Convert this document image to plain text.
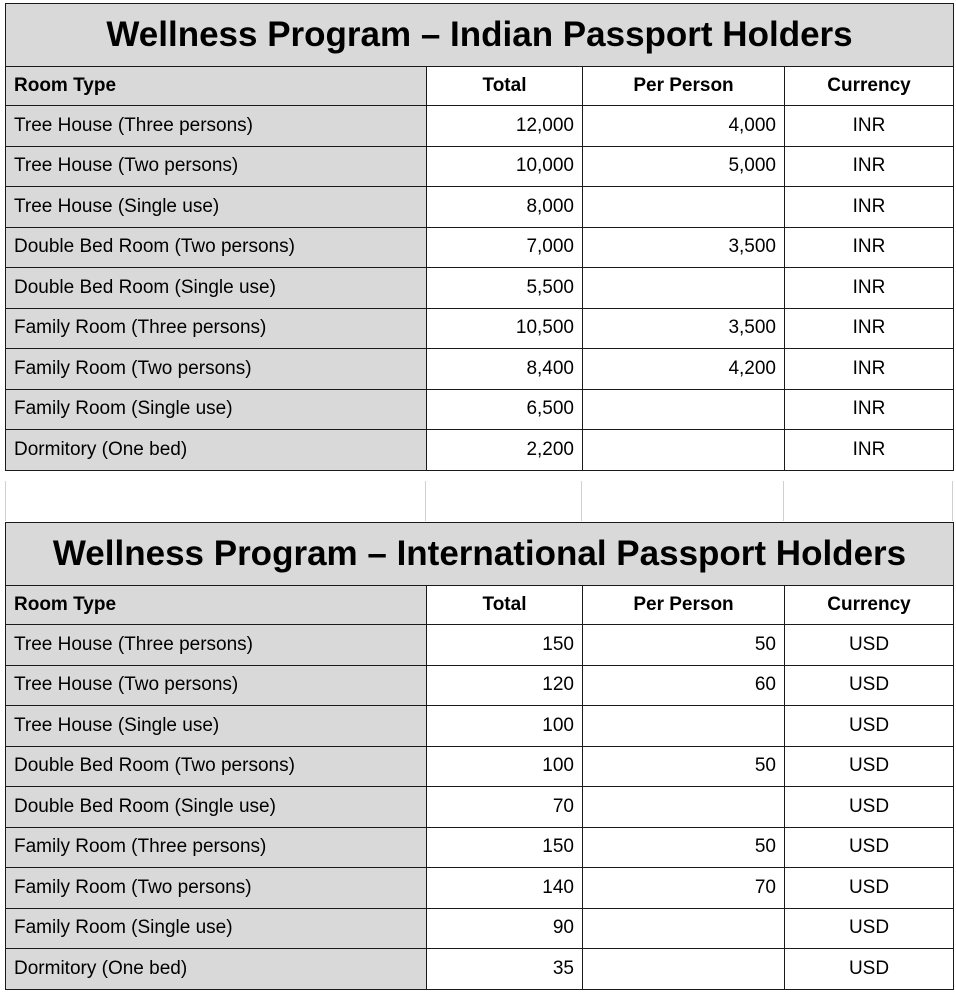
Wellness Program – Indian Passport Holders			
Room Type	Total	Per Person	Currency
Tree House (Three persons)	12,000	4,000	INR
Tree House (Two persons)	10,000	5,000	INR
Tree House (Single use)	8,000		INR
Double Bed Room (Two persons)	7,000	3,500	INR
Double Bed Room (Single use)	5,500		INR
Family Room (Three persons)	10,500	3,500	INR
Family Room (Two persons)	8,400	4,200	INR
Family Room (Single use)	6,500		INR
Dormitory (One bed)	2,200		INR
Wellness Program – International Passport Holders			
Room Type	Total	Per Person	Currency
Tree House (Three persons)	150	50	USD
Tree House (Two persons)	120	60	USD
Tree House (Single use)	100		USD
Double Bed Room (Two persons)	100	50	USD
Double Bed Room (Single use)	70		USD
Family Room (Three persons)	150	50	USD
Family Room (Two persons)	140	70	USD
Family Room (Single use)	90		USD
Dormitory (One bed)	35		USD
